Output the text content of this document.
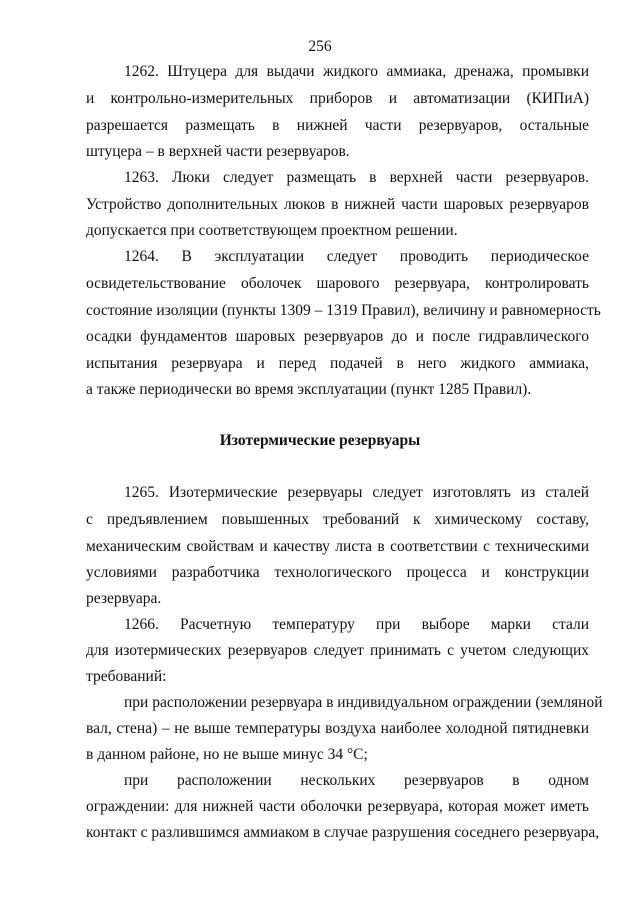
256
1262. Штуцера для выдачи жидкого аммиака, дренажа, промывки
и контрольно-измерительных приборов и автоматизации (КИПиА)
разрешается размещать в нижней части резервуаров, остальные
штуцера – в верхней части резервуаров.
1263. Люки следует размещать в верхней части резервуаров.
Устройство дополнительных люков в нижней части шаровых резервуаров
допускается при соответствующем проектном решении.
1264. В эксплуатации следует проводить периодическое
освидетельствование оболочек шарового резервуара, контролировать
состояние изоляции (пункты 1309 – 1319 Правил), величину и равномерность
осадки фундаментов шаровых резервуаров до и после гидравлического
испытания резервуара и перед подачей в него жидкого аммиака,
а также периодически во время эксплуатации (пункт 1285 Правил).
Изотермические резервуары
1265. Изотермические резервуары следует изготовлять из сталей
с предъявлением повышенных требований к химическому составу,
механическим свойствам и качеству листа в соответствии с техническими
условиями разработчика технологического процесса и конструкции
резервуара.
1266. Расчетную температуру при выборе марки стали
для изотермических резервуаров следует принимать с учетом следующих
требований:
при расположении резервуара в индивидуальном ограждении (земляной
вал, стена) – не выше температуры воздуха наиболее холодной пятидневки
в данном районе, но не выше минус 34 °С;
при расположении нескольких резервуаров в одном
ограждении: для нижней части оболочки резервуара, которая может иметь
контакт с разлившимся аммиаком в случае разрушения соседнего резервуара,
